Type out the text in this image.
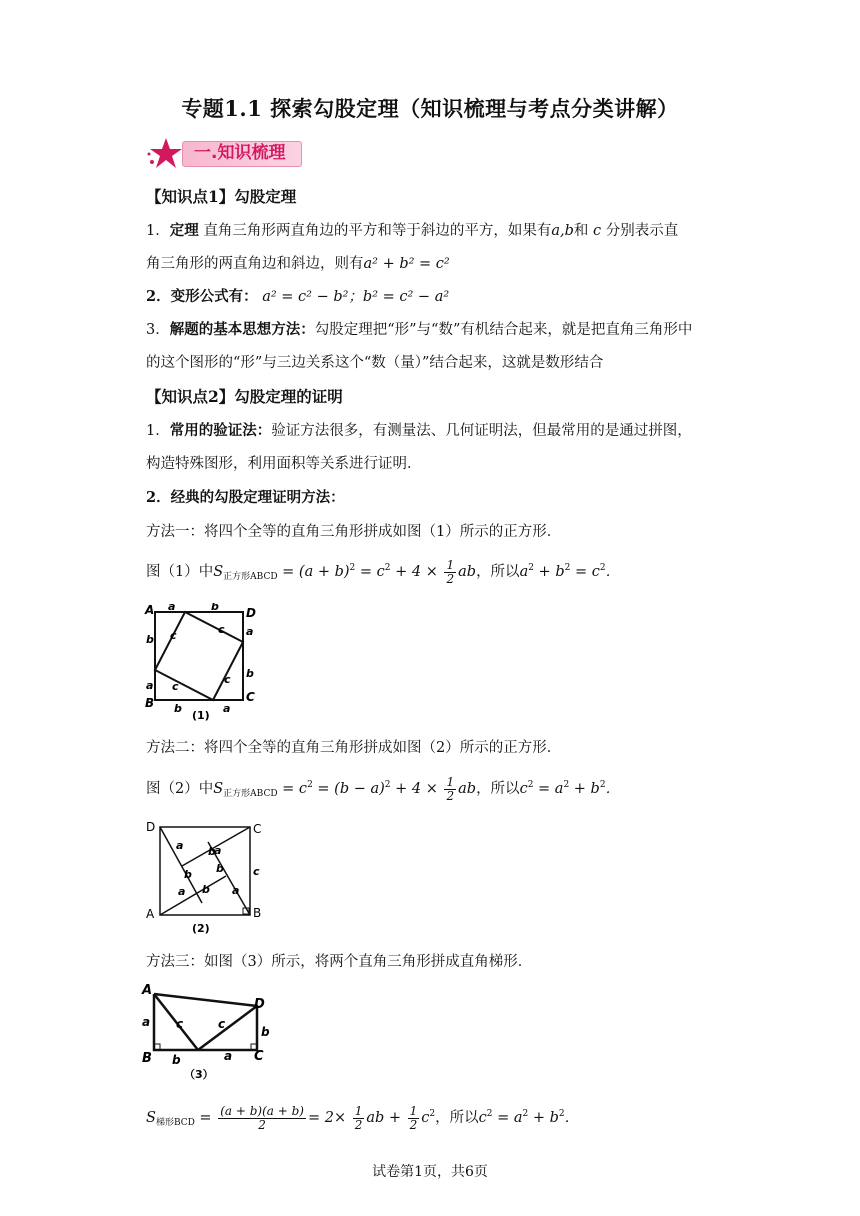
专题1.1 探索勾股定理（知识梳理与考点分类讲解）
一.知识梳理
【知识点1】勾股定理
1．定理 直角三角形两直角边的平方和等于斜边的平方，如果有a,b和 c 分别表示直
角三角形的两直角边和斜边，则有a² + b² = c²
2．变形公式有： a² = c² − b²；b² = c² − a²
3．解题的基本思想方法：勾股定理把“形”与“数”有机结合起来，就是把直角三角形中
的这个图形的“形”与三边关系这个“数（量）”结合起来，这就是数形结合
【知识点2】勾股定理的证明
1．常用的验证法：验证方法很多，有测量法、几何证明法，但最常用的是通过拼图，
构造特殊图形，利用面积等关系进行证明．
2．经典的勾股定理证明方法：
方法一：将四个全等的直角三角形拼成如图（1）所示的正方形．
图（1）中$S_{正方形ABCD} = (a + b)^2 = c^2 + 4 \times \frac{1}{2}$ ab，所以$a^2 + b^2 = c^2$．
A	D
B	C
a	b
b
a
a
b
b	a
c	c
c
c
(1)
方法二：将四个全等的直角三角形拼成如图（2）所示的正方形．
图（2）中$S_{正方形ABCD} = c^2 = (b - a)^2 + 4 \times \frac{1}{2}$ ab，所以$c^2 = a^2 + b^2$．
D	C
A	B
a	a
a	a
b
b b
b
c
(2)
方法三：如图（3）所示，将两个直角三角形拼成直角梯形．
A
D
B	C
a
b
b	a
c	c
（3）
$S_{梯形BCD} = \frac{(a + b)(a + b)}{2} = 2\times \frac{1}{2}$ ab + $\frac{1}{2} c^2$，所以$c^2 = a^2 + b^2$．
试卷第1页，共6页
